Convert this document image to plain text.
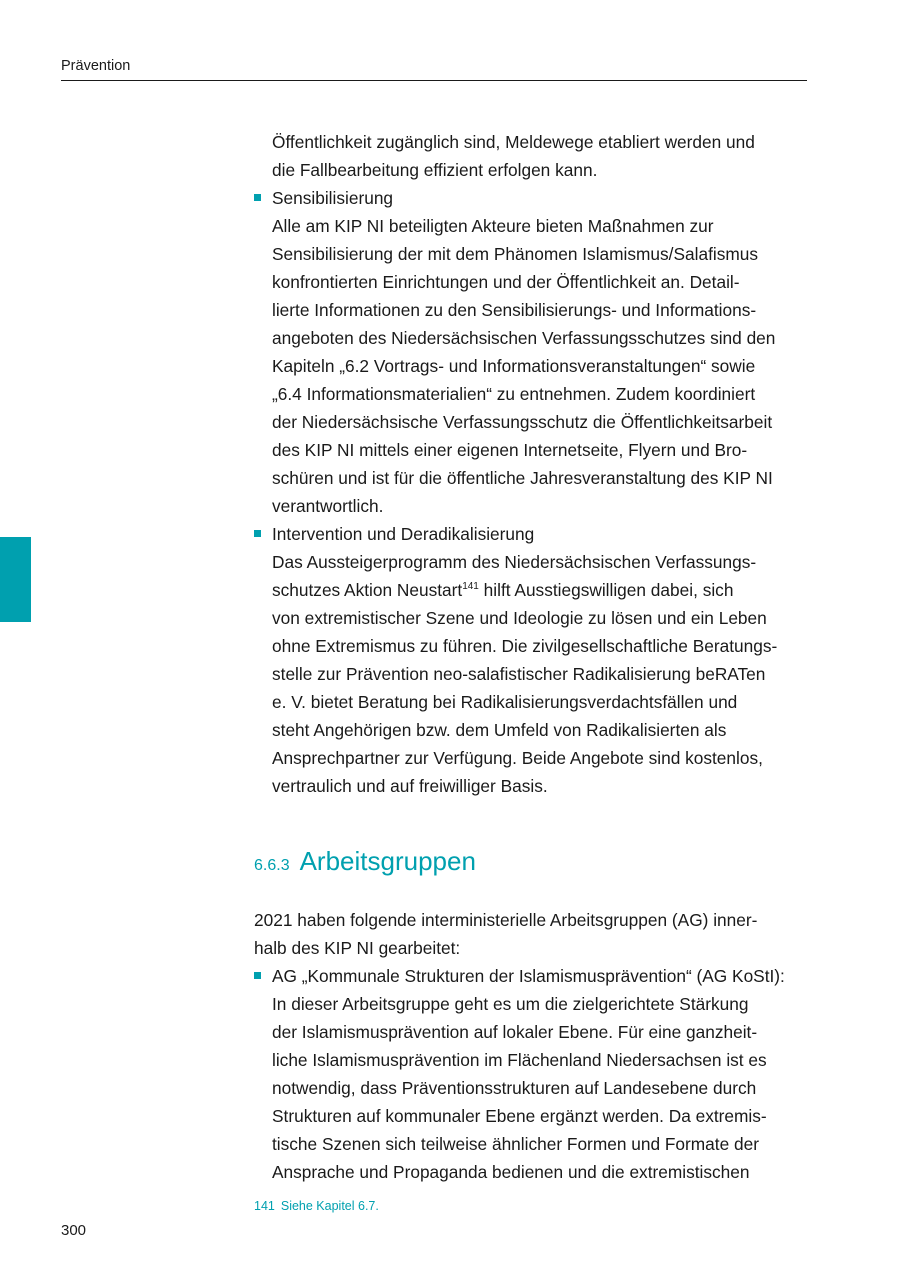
Prävention
Öffentlichkeit zugänglich sind, Meldewege etabliert werden und
die Fallbearbeitung effizient erfolgen kann.
Sensibilisierung
Alle am KIP NI beteiligten Akteure bieten Maßnahmen zur
Sensibilisierung der mit dem Phänomen Islamismus/Salafismus
konfrontierten Einrichtungen und der Öffentlichkeit an. Detail-
lierte Informationen zu den Sensibilisierungs- und Informations-
angeboten des Niedersächsischen Verfassungsschutzes sind den
Kapiteln „6.2 Vortrags- und Informationsveranstaltungen“ sowie
„6.4 Informationsmaterialien“ zu entnehmen. Zudem koordiniert
der Niedersächsische Verfassungsschutz die Öffentlichkeitsarbeit
des KIP NI mittels einer eigenen Internetseite, Flyern und Bro-
schüren und ist für die öffentliche Jahresveranstaltung des KIP NI
verantwortlich.
Intervention und Deradikalisierung
Das Aussteigerprogramm des Niedersächsischen Verfassungs-
schutzes Aktion Neustart$^{141}$ hilft Ausstiegswilligen dabei, sich
von extremistischer Szene und Ideologie zu lösen und ein Leben
ohne Extremismus zu führen. Die zivilgesellschaftliche Beratungs-
stelle zur Prävention neo-salafistischer Radikalisierung beRATen
e. V. bietet Beratung bei Radikalisierungsverdachtsfällen und
steht Angehörigen bzw. dem Umfeld von Radikalisierten als
Ansprechpartner zur Verfügung. Beide Angebote sind kostenlos,
vertraulich und auf freiwilliger Basis.
6.6.3 Arbeitsgruppen
2021 haben folgende interministerielle Arbeitsgruppen (AG) inner-
halb des KIP NI gearbeitet:
AG „Kommunale Strukturen der Islamismusprävention“ (AG KoStI):
In dieser Arbeitsgruppe geht es um die zielgerichtete Stärkung
der Islamismusprävention auf lokaler Ebene. Für eine ganzheit-
liche Islamismusprävention im Flächenland Niedersachsen ist es
notwendig, dass Präventionsstrukturen auf Landesebene durch
Strukturen auf kommunaler Ebene ergänzt werden. Da extremis-
tische Szenen sich teilweise ähnlicher Formen und Formate der
Ansprache und Propaganda bedienen und die extremistischen
141 Siehe Kapitel 6.7.
300
